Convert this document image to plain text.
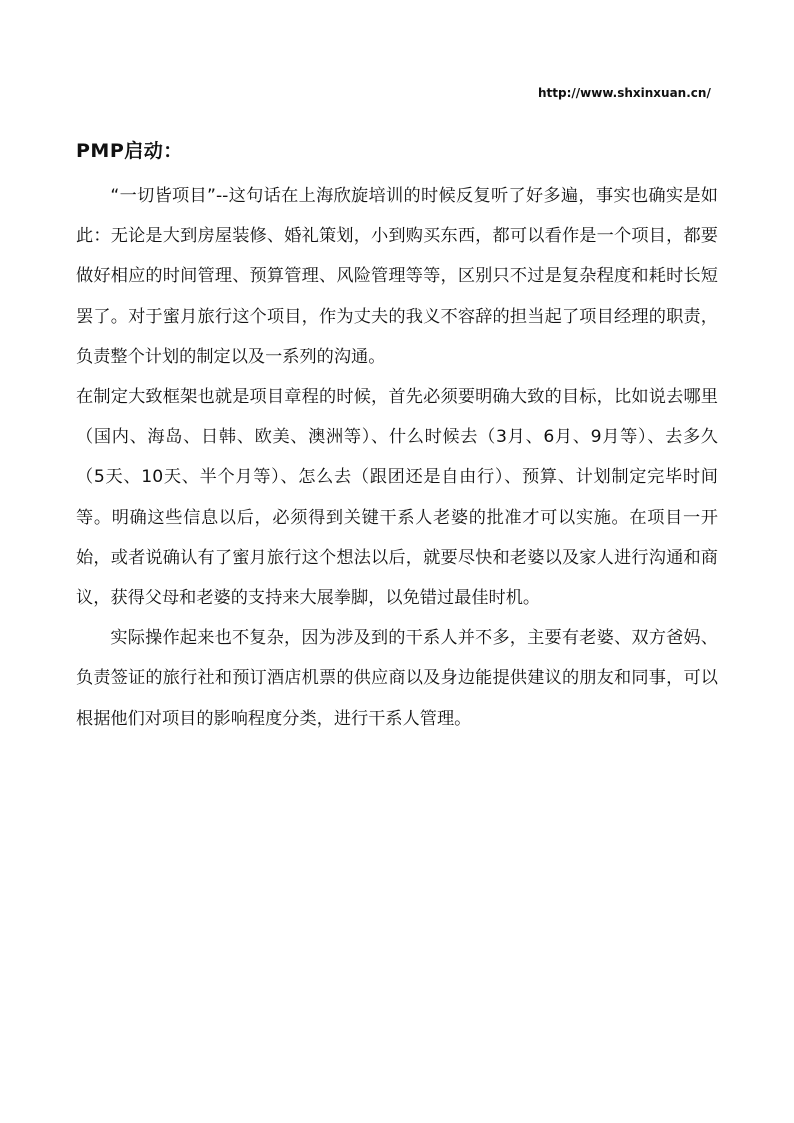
http://www.shxinxuan.cn/
PMP启动：

“一切皆项目”--这句话在上海欣旋培训的时候反复听了好多遍，事实也确实是如此：无论是大到房屋装修、婚礼策划，小到购买东西，都可以看作是一个项目，都要做好相应的时间管理、预算管理、风险管理等等，区别只不过是复杂程度和耗时长短罢了。对于蜜月旅行这个项目，作为丈夫的我义不容辞的担当起了项目经理的职责，负责整个计划的制定以及一系列的沟通。

在制定大致框架也就是项目章程的时候，首先必须要明确大致的目标，比如说去哪里（国内、海岛、日韩、欧美、澳洲等）、什么时候去（3月、6月、9月等）、去多久（5天、10天、半个月等）、怎么去（跟团还是自由行）、预算、计划制定完毕时间等。明确这些信息以后，必须得到关键干系人老婆的批准才可以实施。在项目一开始，或者说确认有了蜜月旅行这个想法以后，就要尽快和老婆以及家人进行沟通和商议，获得父母和老婆的支持来大展拳脚，以免错过最佳时机。

实际操作起来也不复杂，因为涉及到的干系人并不多，主要有老婆、双方爸妈、负责签证的旅行社和预订酒店机票的供应商以及身边能提供建议的朋友和同事，可以根据他们对项目的影响程度分类，进行干系人管理。
